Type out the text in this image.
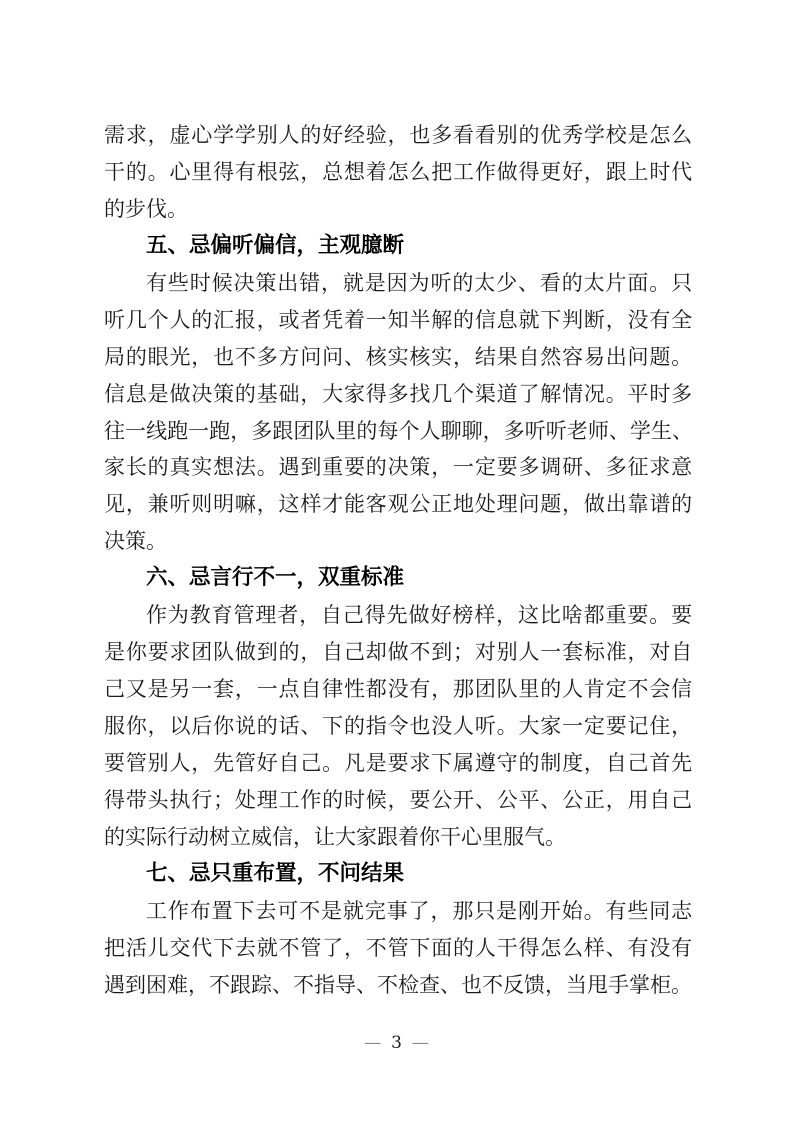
需求，虚心学学别人的好经验，也多看看别的优秀学校是怎么
干的。心里得有根弦，总想着怎么把工作做得更好，跟上时代
的步伐。
五、忌偏听偏信，主观臆断
有些时候决策出错，就是因为听的太少、看的太片面。只
听几个人的汇报，或者凭着一知半解的信息就下判断，没有全
局的眼光，也不多方问问、核实核实，结果自然容易出问题。
信息是做决策的基础，大家得多找几个渠道了解情况。平时多
往一线跑一跑，多跟团队里的每个人聊聊，多听听老师、学生、
家长的真实想法。遇到重要的决策，一定要多调研、多征求意
见，兼听则明嘛，这样才能客观公正地处理问题，做出靠谱的
决策。
六、忌言行不一，双重标准
作为教育管理者，自己得先做好榜样，这比啥都重要。要
是你要求团队做到的，自己却做不到；对别人一套标准，对自
己又是另一套，一点自律性都没有，那团队里的人肯定不会信
服你，以后你说的话、下的指令也没人听。大家一定要记住，
要管别人，先管好自己。凡是要求下属遵守的制度，自己首先
得带头执行；处理工作的时候，要公开、公平、公正，用自己
的实际行动树立威信，让大家跟着你干心里服气。
七、忌只重布置，不问结果
工作布置下去可不是就完事了，那只是刚开始。有些同志
把活儿交代下去就不管了，不管下面的人干得怎么样、有没有
遇到困难，不跟踪、不指导、不检查、也不反馈，当甩手掌柜。
— 3 —
